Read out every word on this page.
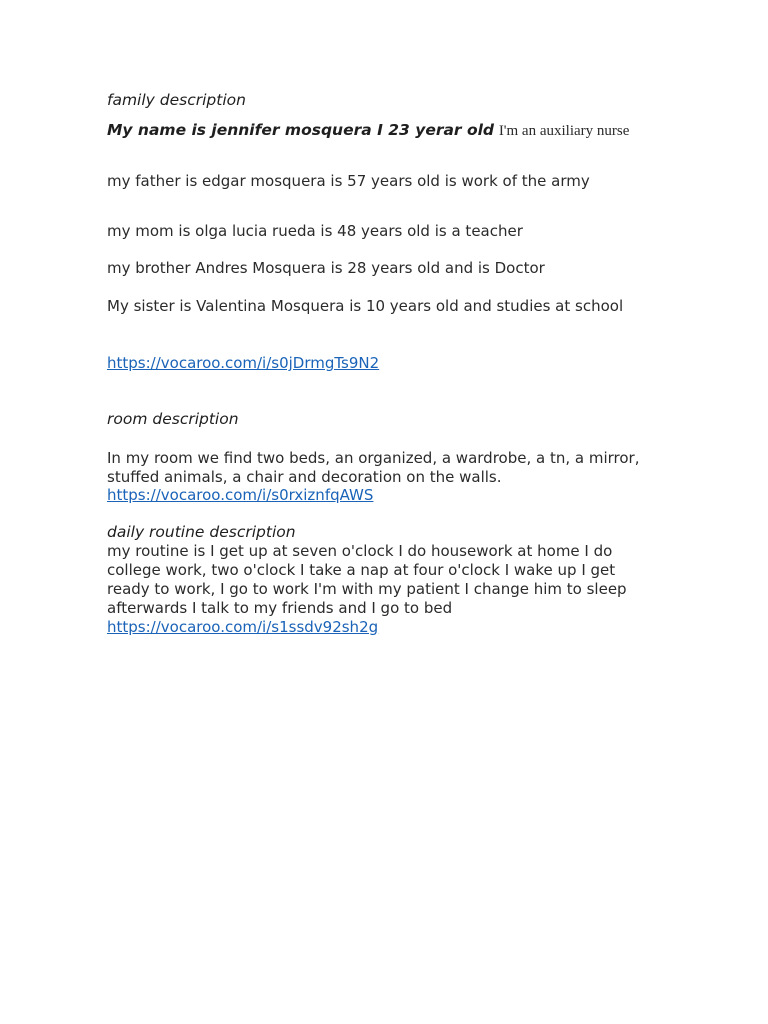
family description

My name is jennifer mosquera I 23 yerar old I'm an auxiliary nurse

my father is edgar mosquera is 57 years old is work of the army

my mom is olga lucia rueda is 48 years old is a teacher

my brother Andres Mosquera is 28 years old and is Doctor

My sister is Valentina Mosquera is 10 years old and studies at school

https://vocaroo.com/i/s0jDrmgTs9N2

room description

In my room we find two beds, an organized, a wardrobe, a tn, a mirror,
stuffed animals, a chair and decoration on the walls.

https://vocaroo.com/i/s0rxiznfqAWS

daily routine description

my routine is I get up at seven o'clock I do housework at home I do
college work, two o'clock I take a nap at four o'clock I wake up I get
ready to work, I go to work I'm with my patient I change him to sleep
afterwards I talk to my friends and I go to bed

https://vocaroo.com/i/s1ssdv92sh2g
